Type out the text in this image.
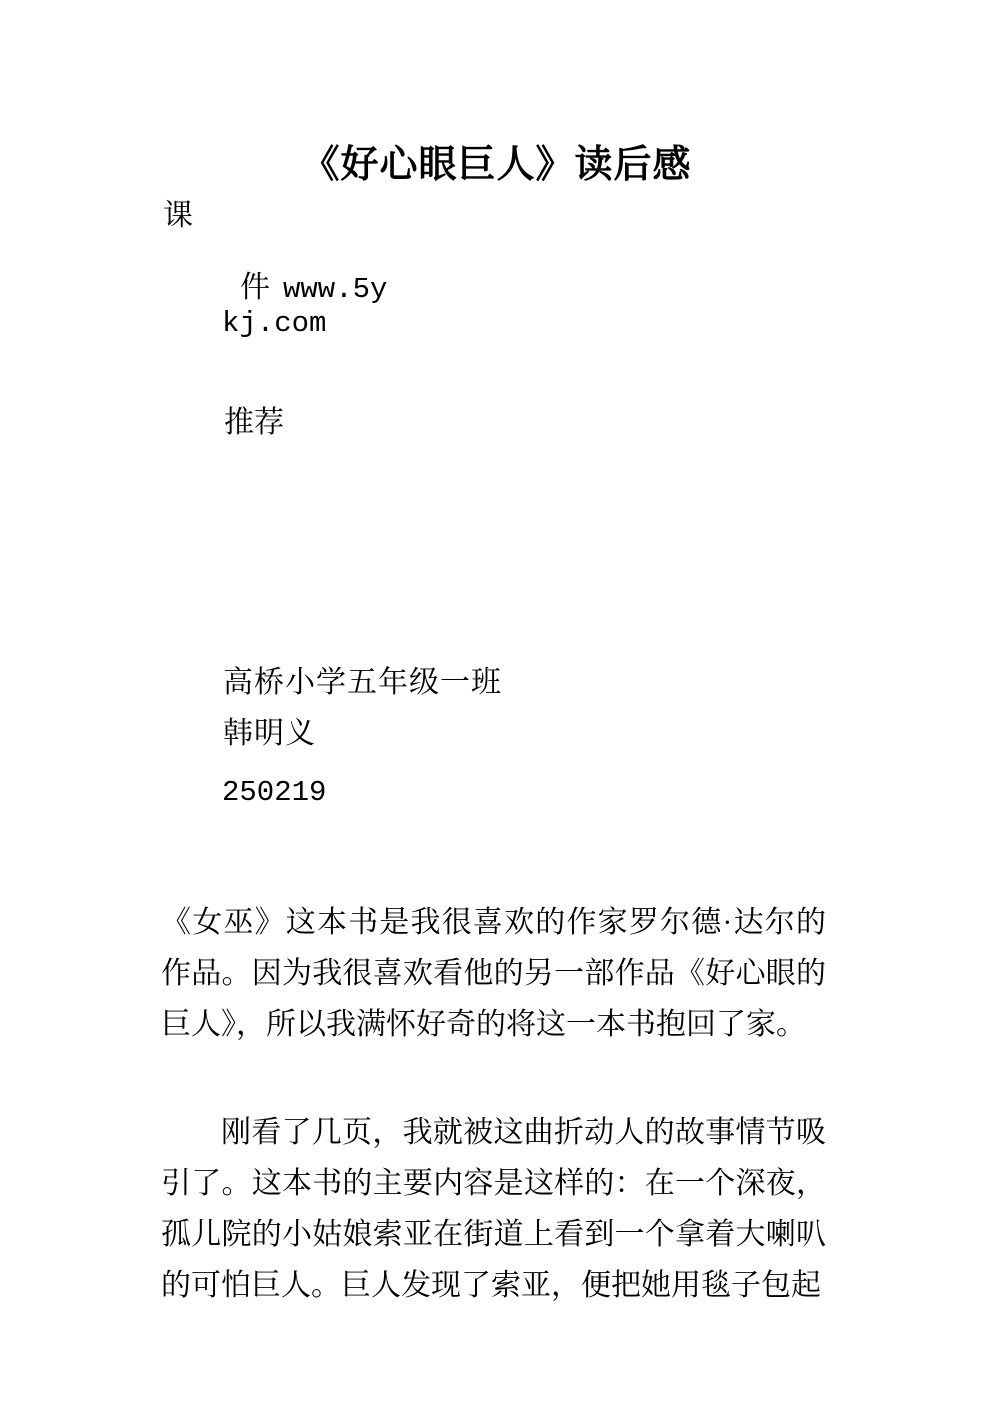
《好心眼巨人》读后感
课

件 www.5y

kj.com
推荐
高桥小学五年级一班
韩明义
250219

《女巫》这本书是我很喜欢的作家罗尔德·达尔的作品。因为我很喜欢看他的另一部作品《好心眼的巨人》，所以我满怀好奇的将这一本书抱回了家。

刚看了几页，我就被这曲折动人的故事情节吸引了。这本书的主要内容是这样的：在一个深夜，孤儿院的小姑娘索亚在街道上看到一个拿着大喇叭的可怕巨人。巨人发现了索亚，便把她用毯子包起
